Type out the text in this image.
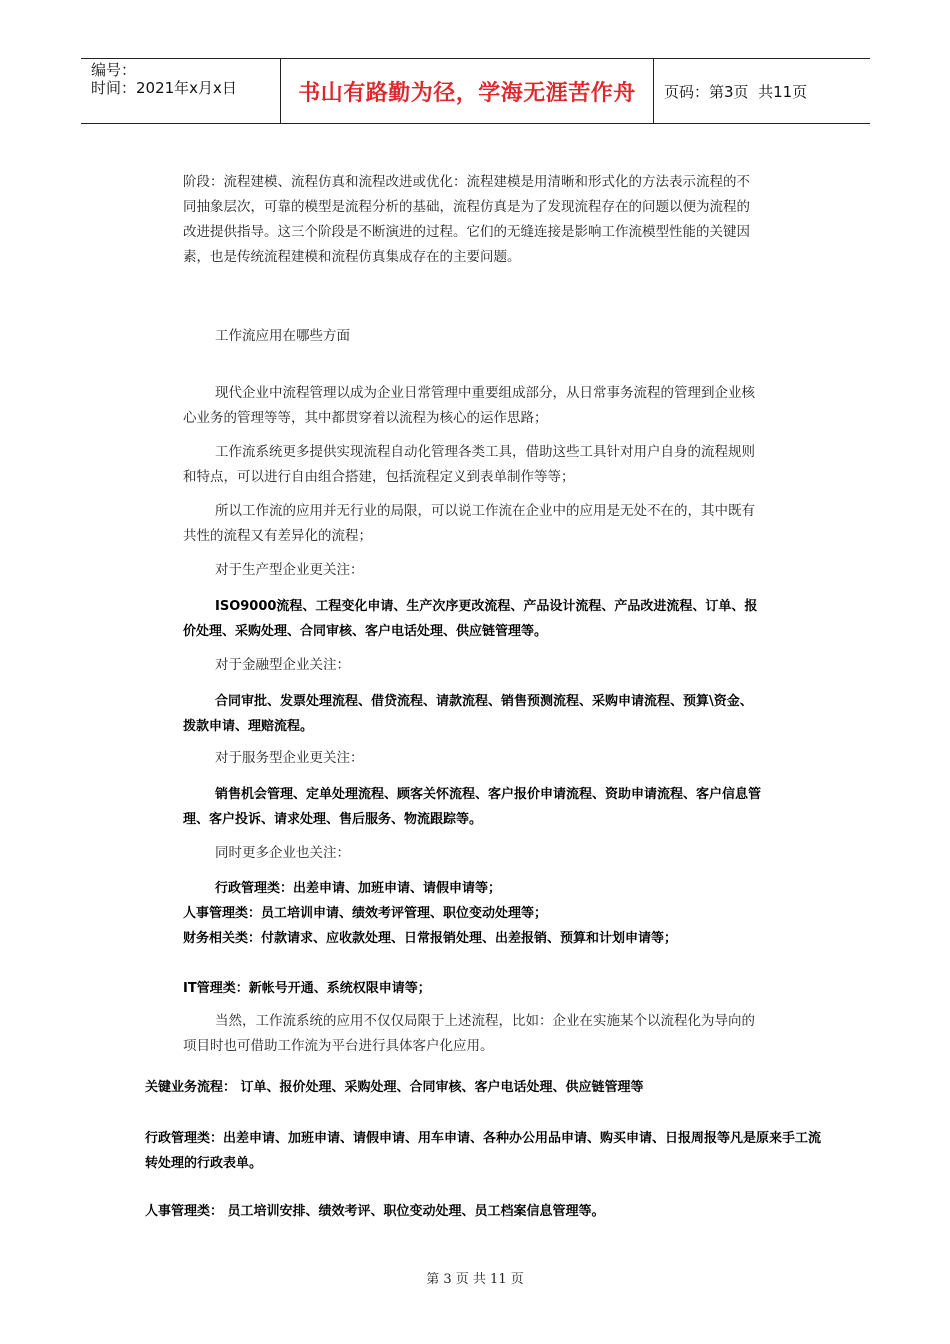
编号：
时间：2021年x月x日	书山有路勤为径，学海无涯苦作舟	页码：第3页  共11页

阶段：流程建模、流程仿真和流程改进或优化：流程建模是用清晰和形式化的方法表示流程的不同抽象层次，可靠的模型是流程分析的基础，流程仿真是为了发现流程存在的问题以便为流程的改进提供指导。这三个阶段是不断演进的过程。它们的无缝连接是影响工作流模型性能的关键因素，也是传统流程建模和流程仿真集成存在的主要问题。

工作流应用在哪些方面

现代企业中流程管理以成为企业日常管理中重要组成部分，从日常事务流程的管理到企业核心业务的管理等等，其中都贯穿着以流程为核心的运作思路；

工作流系统更多提供实现流程自动化管理各类工具，借助这些工具针对用户自身的流程规则和特点，可以进行自由组合搭建，包括流程定义到表单制作等等；

所以工作流的应用并无行业的局限，可以说工作流在企业中的应用是无处不在的，其中既有共性的流程又有差异化的流程；

对于生产型企业更关注：

ISO9000流程、工程变化申请、生产次序更改流程、产品设计流程、产品改进流程、订单、报价处理、采购处理、合同审核、客户电话处理、供应链管理等。

对于金融型企业关注：

合同审批、发票处理流程、借贷流程、请款流程、销售预测流程、采购申请流程、预算\资金、拨款申请、理赔流程。

对于服务型企业更关注：

销售机会管理、定单处理流程、顾客关怀流程、客户报价申请流程、资助申请流程、客户信息管理、客户投诉、请求处理、售后服务、物流跟踪等。

同时更多企业也关注：

行政管理类：出差申请、加班申请、请假申请等；

人事管理类：员工培训申请、绩效考评管理、职位变动处理等；

财务相关类：付款请求、应收款处理、日常报销处理、出差报销、预算和计划申请等；

IT管理类：新帐号开通、系统权限申请等；

当然，工作流系统的应用不仅仅局限于上述流程，比如：企业在实施某个以流程化为导向的项目时也可借助工作流为平台进行具体客户化应用。

关键业务流程： 订单、报价处理、采购处理、合同审核、客户电话处理、供应链管理等

行政管理类：出差申请、加班申请、请假申请、用车申请、各种办公用品申请、购买申请、日报周报等凡是原来手工流转处理的行政表单。

人事管理类： 员工培训安排、绩效考评、职位变动处理、员工档案信息管理等。

第 3 页 共 11 页
